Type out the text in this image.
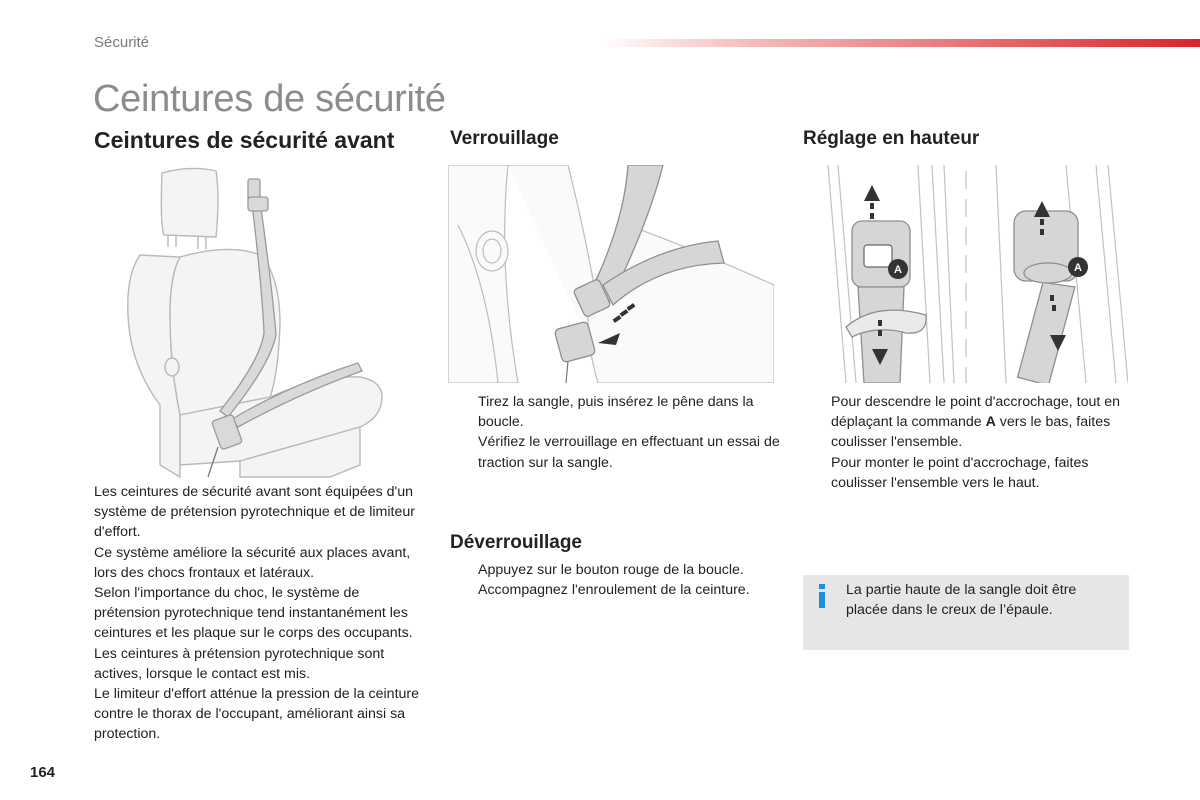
Sécurité
Ceintures de sécurité
Ceintures de sécurité avant	Verrouillage	Réglage en hauteur
A	A

Les ceintures de sécurité avant sont équipées d'un système de prétension pyrotechnique et de limiteur d'effort.

Ce système améliore la sécurité aux places avant, lors des chocs frontaux et latéraux.

Selon l'importance du choc, le système de prétension pyrotechnique tend instantanément les ceintures et les plaque sur le corps des occupants.

Les ceintures à prétension pyrotechnique sont actives, lorsque le contact est mis.

Le limiteur d'effort atténue la pression de la ceinture contre le thorax de l'occupant, améliorant ainsi sa protection.

Tirez la sangle, puis insérez le pêne dans la boucle.
Vérifiez le verrouillage en effectuant un essai de traction sur la sangle.
Déverrouillage
Appuyez sur le bouton rouge de la boucle.
Accompagnez l'enroulement de la ceinture.
Pour descendre le point d'accrochage, tout en déplaçant la commande A vers le bas, faites coulisser l'ensemble.
Pour monter le point d'accrochage, faites coulisser l'ensemble vers le haut.
La partie haute de la sangle doit être placée dans le creux de l’épaule.
164
